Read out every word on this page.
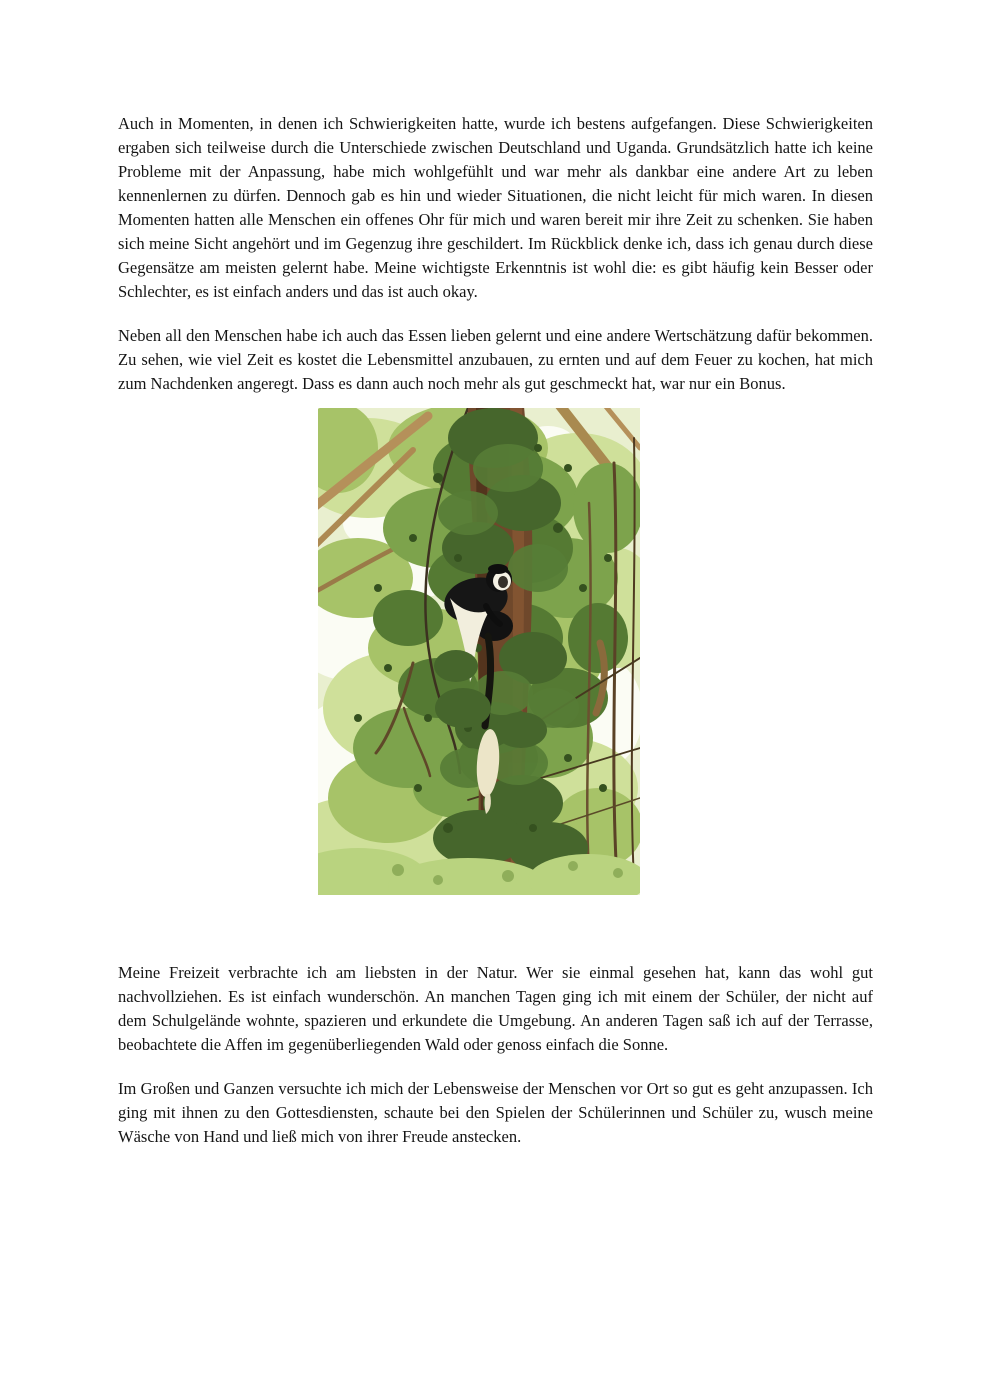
Auch in Momenten, in denen ich Schwierigkeiten hatte, wurde ich bestens aufgefangen. Diese Schwierigkeiten ergaben sich teilweise durch die Unterschiede zwischen Deutschland und Uganda. Grundsätzlich hatte ich keine Probleme mit der Anpassung, habe mich wohlgefühlt und war mehr als dankbar eine andere Art zu leben kennenlernen zu dürfen. Dennoch gab es hin und wieder Situationen, die nicht leicht für mich waren. In diesen Momenten hatten alle Menschen ein offenes Ohr für mich und waren bereit mir ihre Zeit zu schenken. Sie haben sich meine Sicht angehört und im Gegenzug ihre geschildert. Im Rückblick denke ich, dass ich genau durch diese Gegensätze am meisten gelernt habe. Meine wichtigste Erkenntnis ist wohl die: es gibt häufig kein Besser oder Schlechter, es ist einfach anders und das ist auch okay.

Neben all den Menschen habe ich auch das Essen lieben gelernt und eine andere Wertschätzung dafür bekommen. Zu sehen, wie viel Zeit es kostet die Lebensmittel anzubauen, zu ernten und auf dem Feuer zu kochen, hat mich zum Nachdenken angeregt. Dass es dann auch noch mehr als gut geschmeckt hat, war nur ein Bonus.

Meine Freizeit verbrachte ich am liebsten in der Natur. Wer sie einmal gesehen hat, kann das wohl gut nachvollziehen. Es ist einfach wunderschön. An manchen Tagen ging ich mit einem der Schüler, der nicht auf dem Schulgelände wohnte, spazieren und erkundete die Umgebung. An anderen Tagen saß ich auf der Terrasse, beobachtete die Affen im gegenüberliegenden Wald oder genoss einfach die Sonne.

Im Großen und Ganzen versuchte ich mich der Lebensweise der Menschen vor Ort so gut es geht anzupassen. Ich ging mit ihnen zu den Gottesdiensten, schaute bei den Spielen der Schülerinnen und Schüler zu, wusch meine Wäsche von Hand und ließ mich von ihrer Freude anstecken.
